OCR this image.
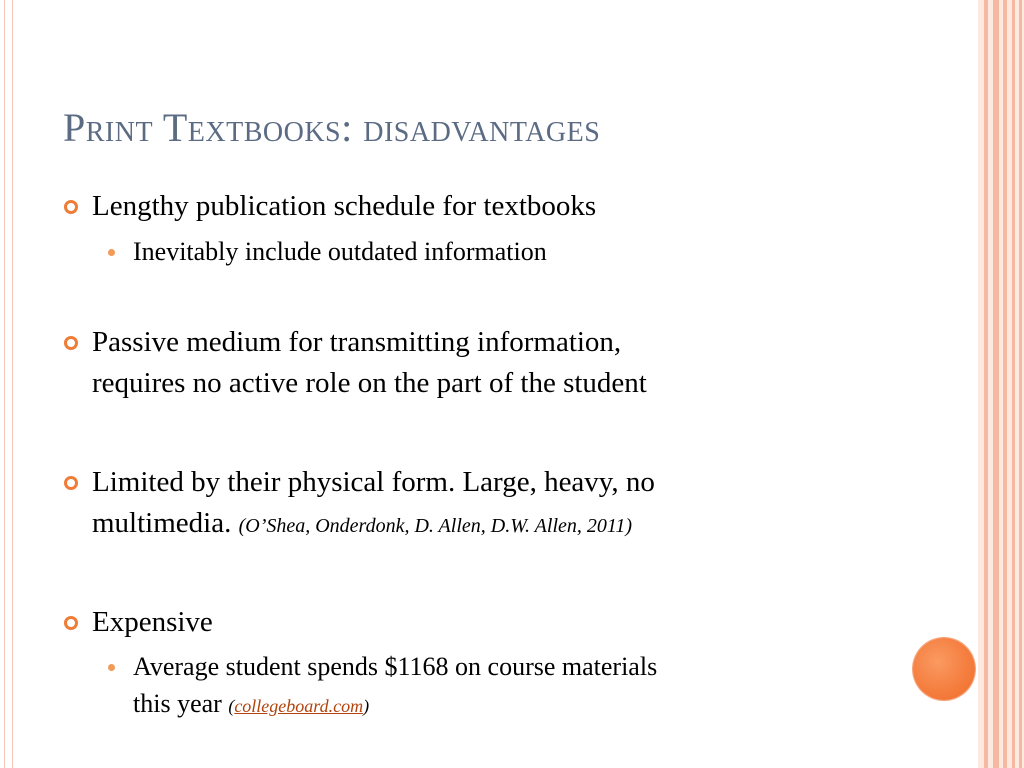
Print Textbooks: disadvantages
Lengthy publication schedule for textbooks
Inevitably include outdated information
Passive medium for transmitting information,
requires no active role on the part of the student
Limited by their physical form. Large, heavy, no
multimedia. (O’Shea, Onderdonk, D. Allen, D.W. Allen, 2011)
Expensive
Average student spends $1168 on course materials
this year (collegeboard.com)
